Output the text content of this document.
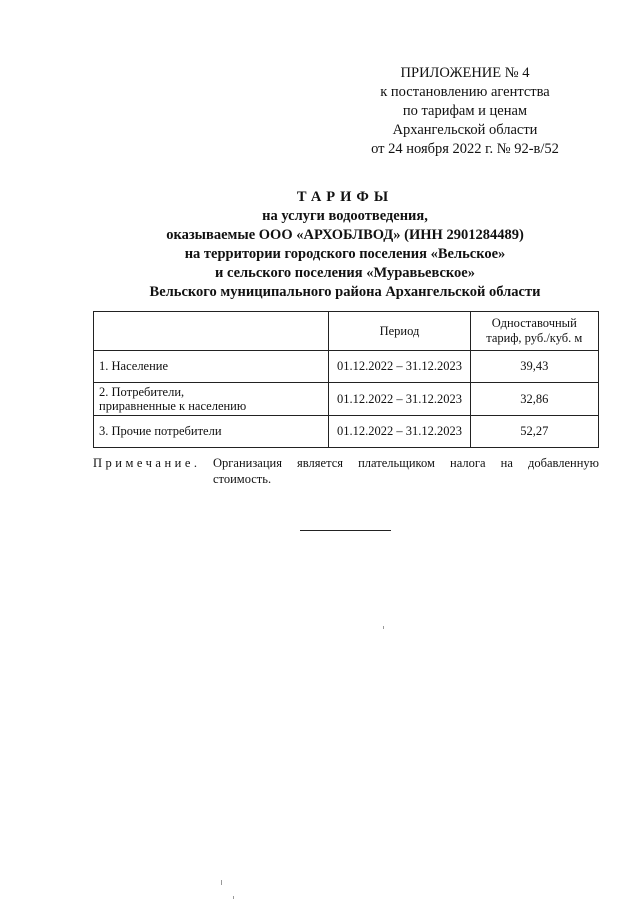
ПРИЛОЖЕНИЕ № 4
к постановлению агентства
по тарифам и ценам
Архангельской области
от 24 ноября 2022 г. № 92-в/52
ТАРИФЫ
на услуги водоотведения,
оказываемые ООО «АРХОБЛВОД» (ИНН 2901284489)
на территории городского поселения «Вельское»
и сельского поселения «Муравьевское»
Вельского муниципального района Архангельской области
	Период	Одноставочный
тариф, руб./куб. м

1. Население	01.12.2022 – 31.12.2023	39,43

2. Потребители,
приравненные к населению	01.12.2022 – 31.12.2023	32,86

3. Прочие потребители	01.12.2022 – 31.12.2023	52,27
Примечание. Организация является плательщиком налога на добавленную стоимость.
